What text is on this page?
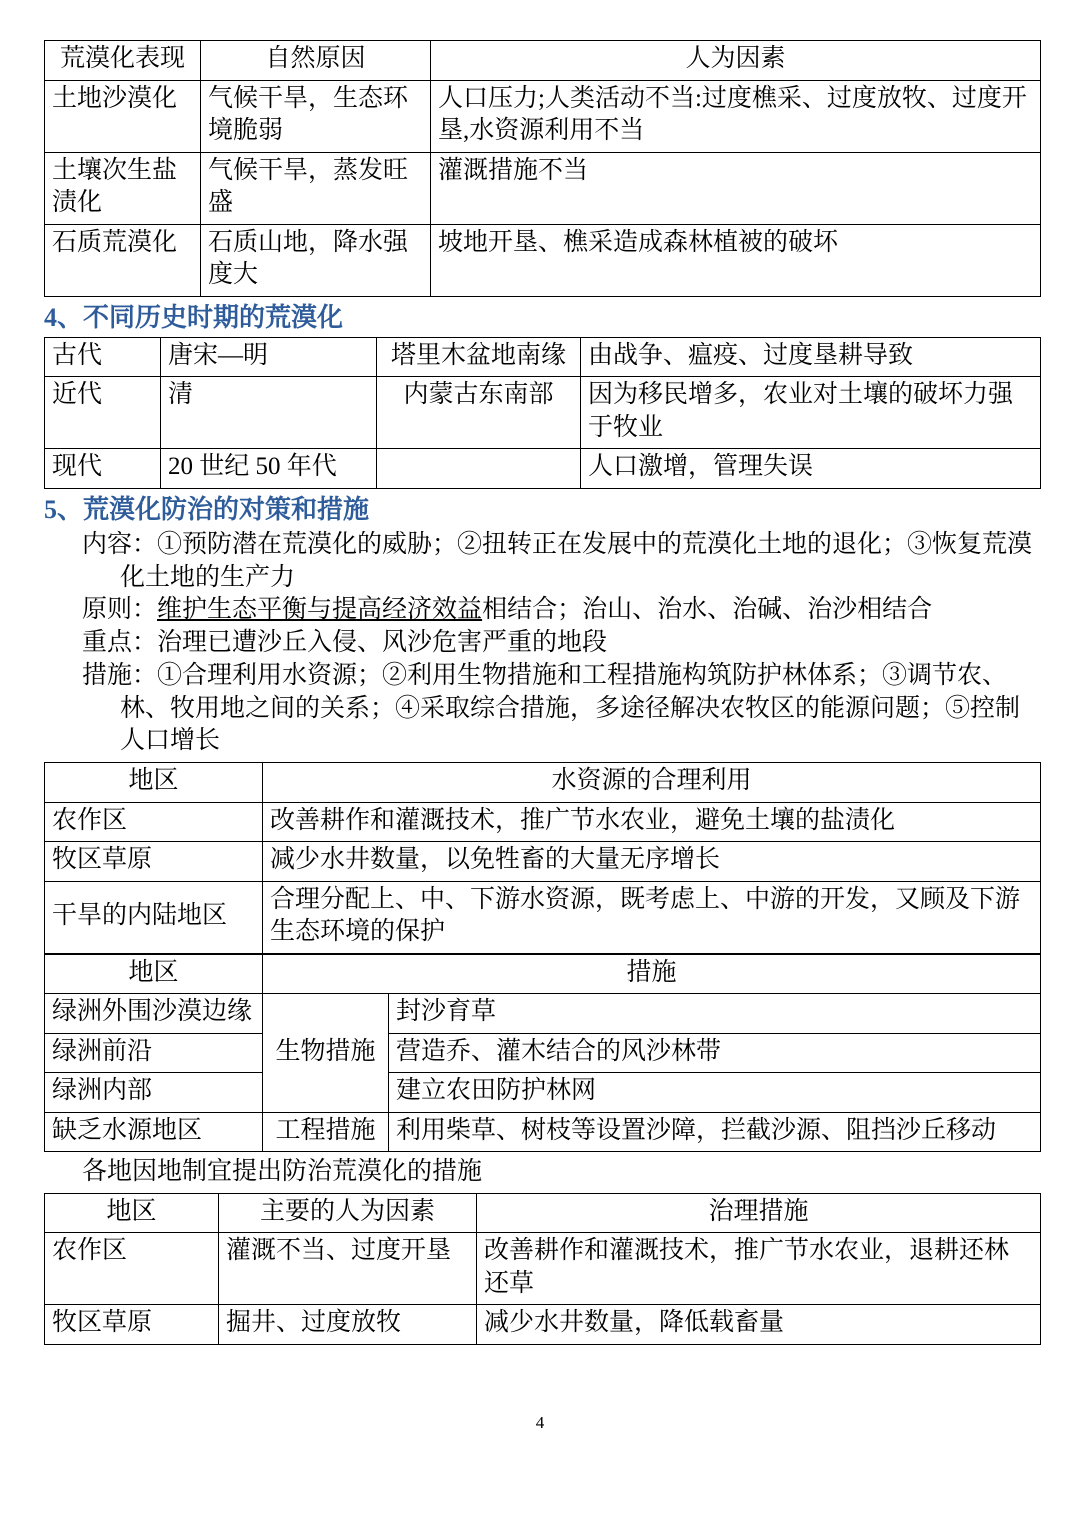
荒漠化表现	自然原因	人为因素
土地沙漠化	气候干旱，生态环境脆弱	人口压力;人类活动不当:过度樵采、过度放牧、过度开垦,水资源利用不当
土壤次生盐渍化	气候干旱，蒸发旺盛	灌溉措施不当
石质荒漠化	石质山地，降水强度大	坡地开垦、樵采造成森林植被的破坏
4、不同历史时期的荒漠化
古代	唐宋—明	塔里木盆地南缘	由战争、瘟疫、过度垦耕导致
近代	清	内蒙古东南部	因为移民增多，农业对土壤的破坏力强于牧业
现代	20 世纪 50 年代		人口激增，管理失误
5、荒漠化防治的对策和措施

内容：①预防潜在荒漠化的威胁；②扭转正在发展中的荒漠化土地的退化；③恢复荒漠化土地的生产力

原则：维护生态平衡与提高经济效益相结合；治山、治水、治碱、治沙相结合

重点：治理已遭沙丘入侵、风沙危害严重的地段

措施：①合理利用水资源；②利用生物措施和工程措施构筑防护林体系；③调节农、林、牧用地之间的关系；④采取综合措施，多途径解决农牧区的能源问题；⑤控制人口增长

地区	水资源的合理利用
农作区	改善耕作和灌溉技术，推广节水农业，避免土壤的盐渍化
牧区草原	减少水井数量，以免牲畜的大量无序增长
干旱的内陆地区	合理分配上、中、下游水资源，既考虑上、中游的开发，又顾及下游生态环境的保护
地区	措施	
绿洲外围沙漠边缘	生物措施	封沙育草
绿洲前沿		营造乔、灌木结合的风沙林带
绿洲内部		建立农田防护林网
缺乏水源地区	工程措施	利用柴草、树枝等设置沙障，拦截沙源、阻挡沙丘移动
各地因地制宜提出防治荒漠化的措施
地区	主要的人为因素	治理措施
农作区	灌溉不当、过度开垦	改善耕作和灌溉技术，推广节水农业，退耕还林还草
牧区草原	掘井、过度放牧	减少水井数量，降低载畜量
4
